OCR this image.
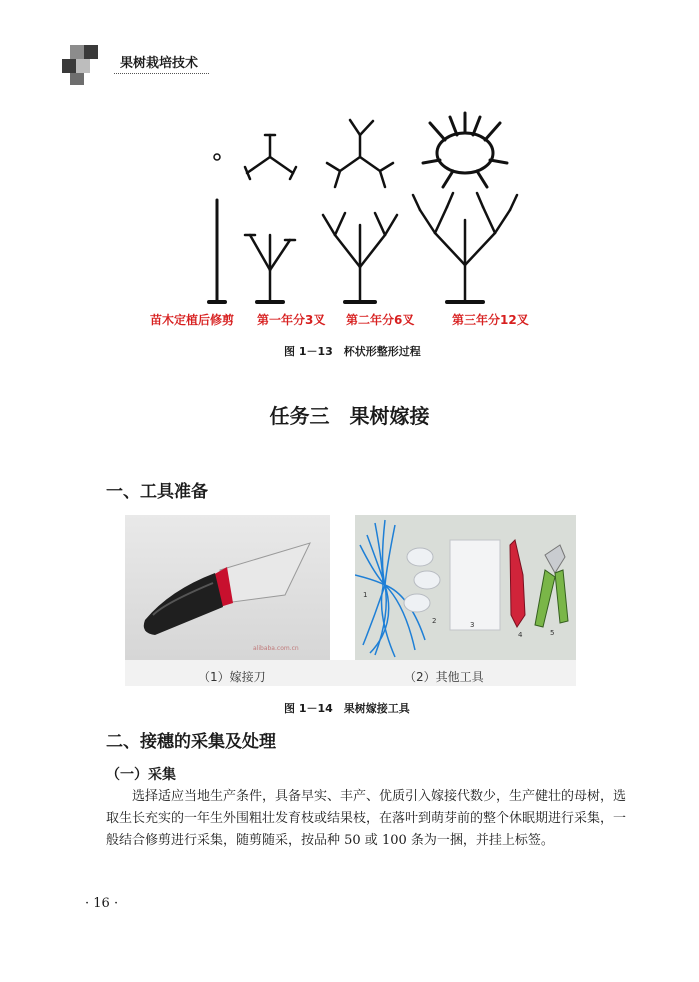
果树栽培技术
苗木定植后修剪 第一年分3叉 第二年分6叉	第三年分12叉
图 1－13　杯状形整形过程
任务三　果树嫁接
一、工具准备
alibaba.com.cn
1
2	3
4	5
（1）嫁接刀	（2）其他工具
图 1－14　果树嫁接工具
二、接穗的采集及处理
（一）采集
选择适应当地生产条件，具备早实、丰产、优质引入嫁接代数少，生产健壮的母树，选取生长充实的一年生外围粗壮发育枝或结果枝，在落叶到萌芽前的整个休眠期进行采集，一般结合修剪进行采集，随剪随采，按品种 50 或 100 条为一捆，并挂上标签。
· 16 ·
